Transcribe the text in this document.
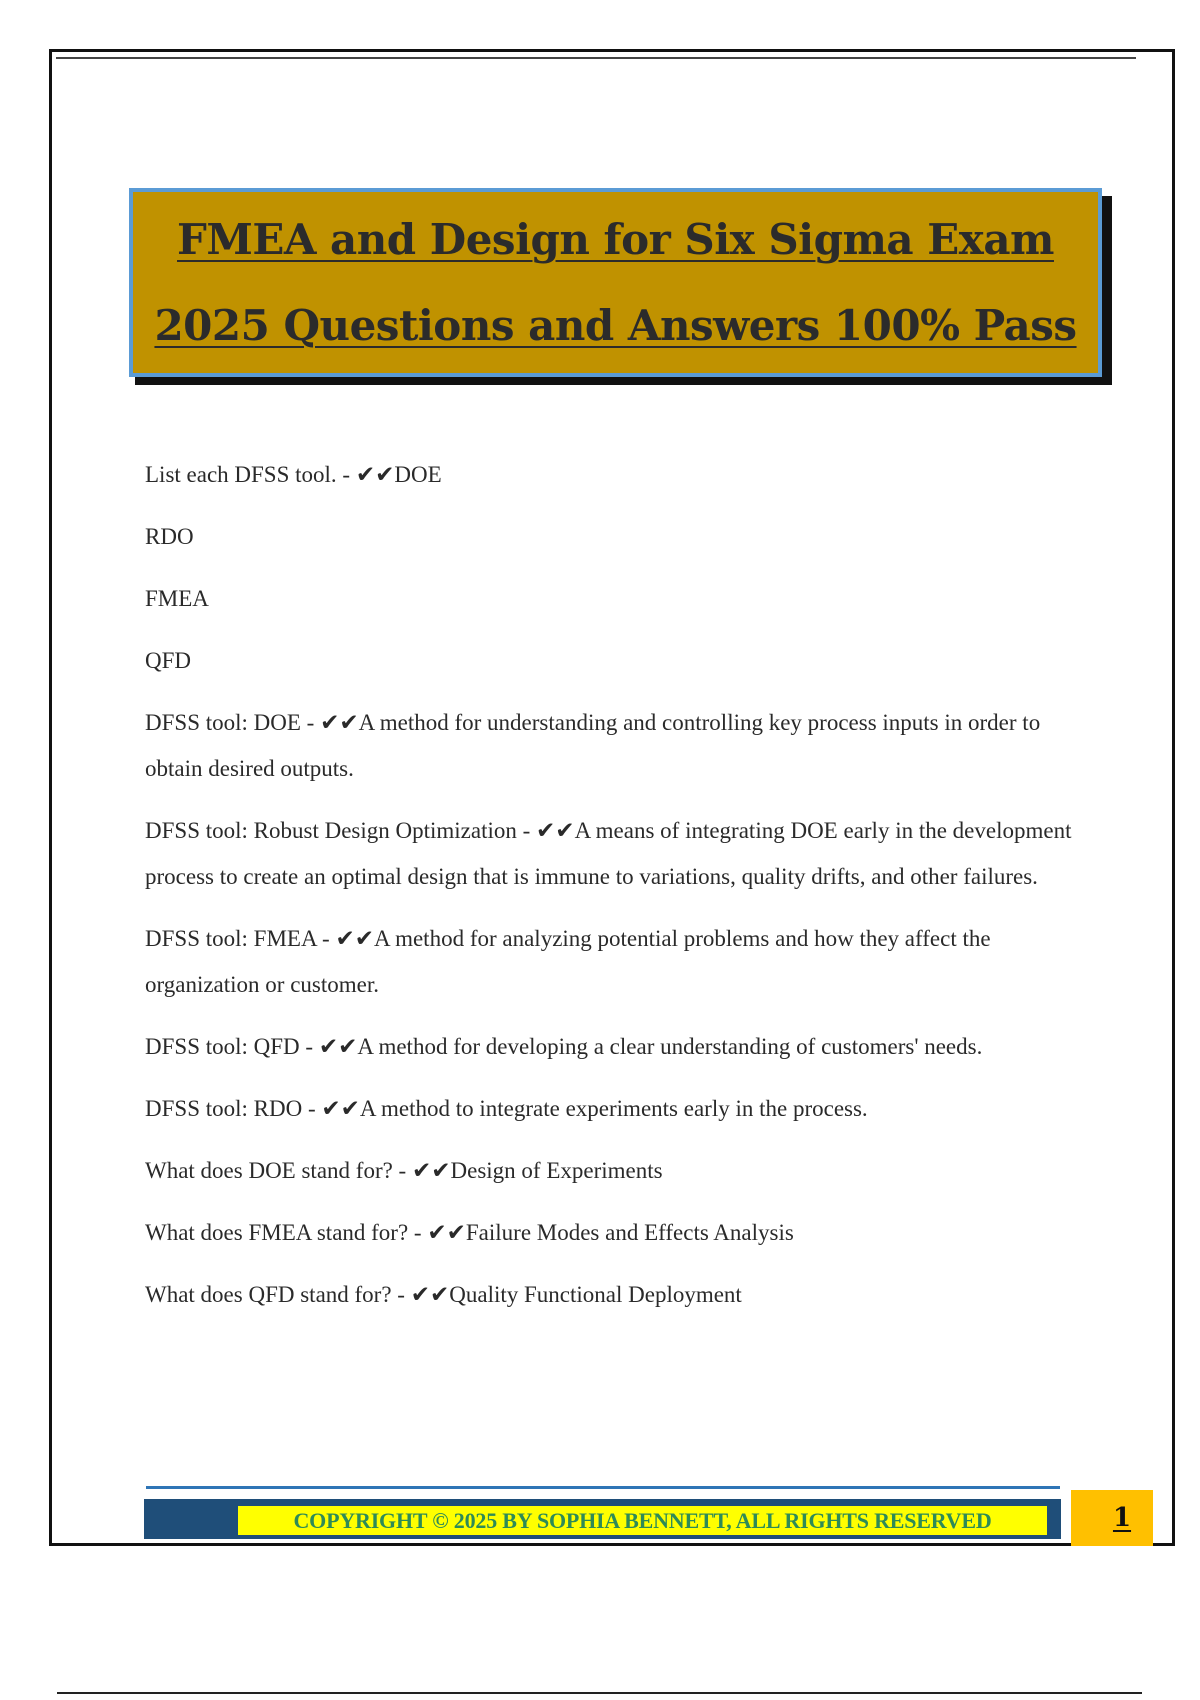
FMEA and Design for Six Sigma Exam
2025 Questions and Answers 100% Pass

List each DFSS tool. - ✔✔DOE

RDO

FMEA

QFD

DFSS tool: DOE - ✔✔A method for understanding and controlling key process inputs in order to obtain desired outputs.

DFSS tool: Robust Design Optimization - ✔✔A means of integrating DOE early in the development process to create an optimal design that is immune to variations, quality drifts, and other failures.

DFSS tool: FMEA - ✔✔A method for analyzing potential problems and how they affect the organization or customer.

DFSS tool: QFD - ✔✔A method for developing a clear understanding of customers' needs.

DFSS tool: RDO - ✔✔A method to integrate experiments early in the process.

What does DOE stand for? - ✔✔Design of Experiments

What does FMEA stand for? - ✔✔Failure Modes and Effects Analysis

What does QFD stand for? - ✔✔Quality Functional Deployment

COPYRIGHT © 2025 BY SOPHIA BENNETT, ALL RIGHTS RESERVED	1
